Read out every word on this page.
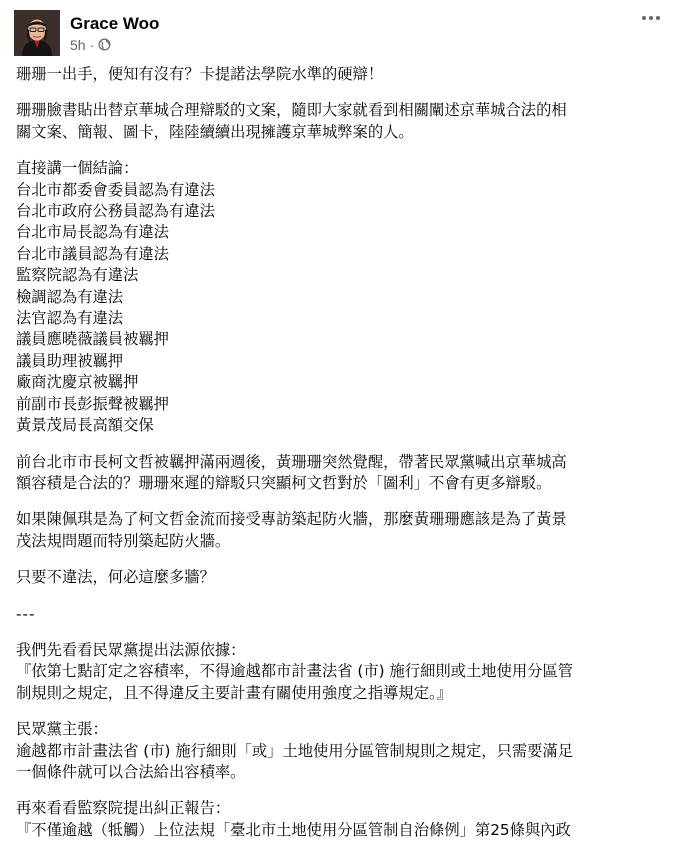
Grace Woo
5h ·
珊珊一出手，便知有沒有？卡提諾法學院水準的硬辯！
珊珊臉書貼出替京華城合理辯駁的文案，隨即大家就看到相關闡述京華城合法的相
關文案、簡報、圖卡，陸陸續續出現擁護京華城弊案的人。
直接講一個結論：
台北市都委會委員認為有違法
台北市政府公務員認為有違法
台北市局長認為有違法
台北市議員認為有違法
監察院認為有違法
檢調認為有違法
法官認為有違法
議員應曉薇議員被羈押
議員助理被羈押
廠商沈慶京被羈押
前副市長彭振聲被羈押
黃景茂局長高額交保
前台北市市長柯文哲被羈押滿兩週後，黃珊珊突然覺醒，帶著民眾黨喊出京華城高
額容積是合法的？珊珊來遲的辯駁只突顯柯文哲對於「圖利」不會有更多辯駁。
如果陳佩琪是為了柯文哲金流而接受專訪築起防火牆，那麼黃珊珊應該是為了黃景
茂法規問題而特別築起防火牆。
只要不違法，何必這麼多牆？
---
我們先看看民眾黨提出法源依據：
『依第七點訂定之容積率，不得逾越都市計畫法省 (市) 施行細則或土地使用分區管
制規則之規定，且不得違反主要計畫有關使用強度之指導規定。』
民眾黨主張：
逾越都市計畫法省 (市) 施行細則「或」土地使用分區管制規則之規定，只需要滿足
一個條件就可以合法給出容積率。
再來看看監察院提出糾正報告：
『不僅逾越（牴觸）上位法規「臺北市土地使用分區管制自治條例」第25條與內政
